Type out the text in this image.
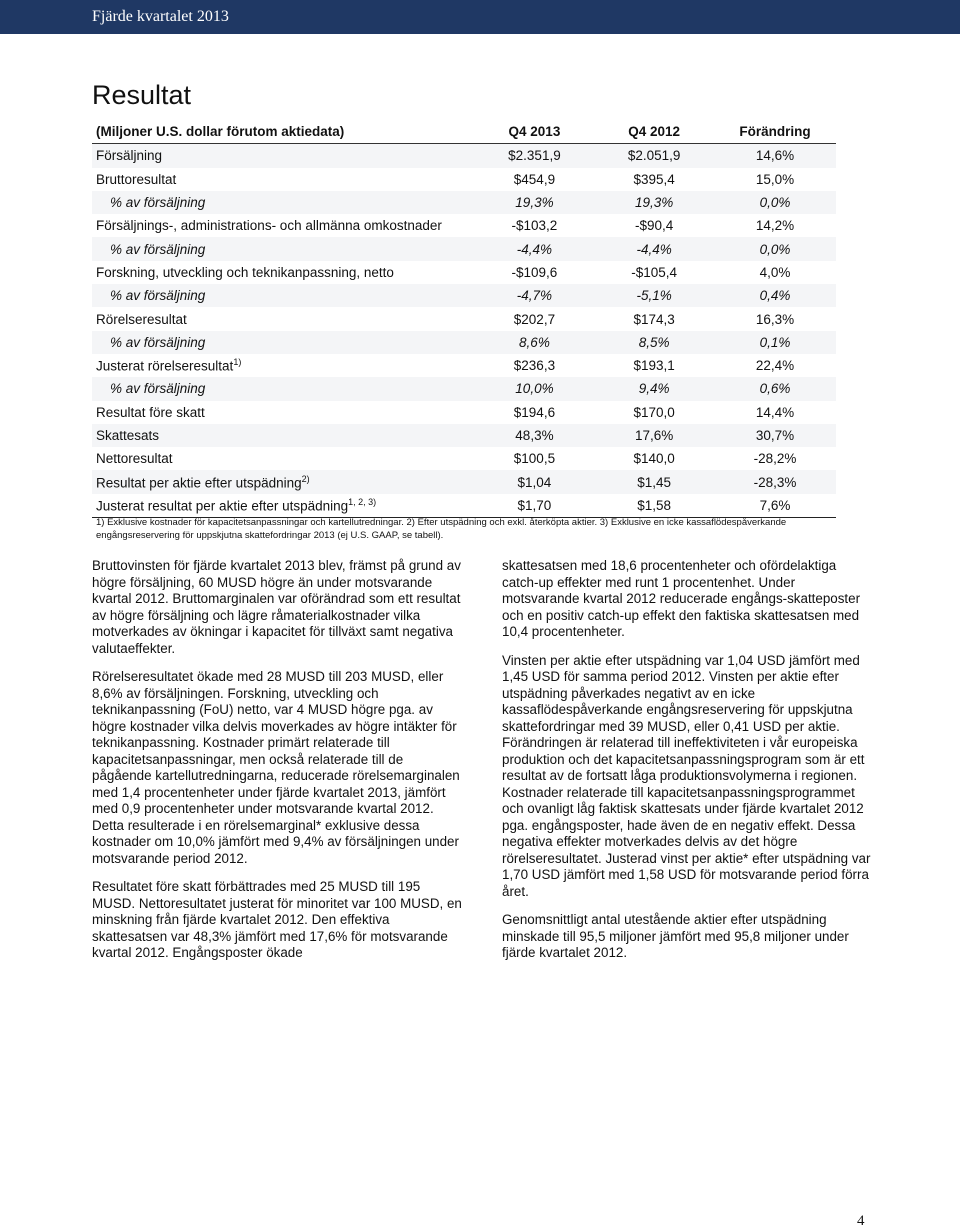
Fjärde kvartalet 2013
Resultat
(Miljoner U.S. dollar förutom aktiedata)	Q4 2013	Q4 2012	Förändring
Försäljning	$2.351,9	$2.051,9	14,6%
Bruttoresultat	$454,9	$395,4	15,0%
% av försäljning	19,3%	19,3%	0,0%
Försäljnings-, administrations- och allmänna omkostnader	-$103,2	-$90,4	14,2%
% av försäljning	-4,4%	-4,4%	0,0%
Forskning, utveckling och teknikanpassning, netto	-$109,6	-$105,4	4,0%
% av försäljning	-4,7%	-5,1%	0,4%
Rörelseresultat	$202,7	$174,3	16,3%
% av försäljning	8,6%	8,5%	0,1%
Justerat rörelseresultat$^{1)}$	$236,3	$193,1	22,4%
% av försäljning	10,0%	9,4%	0,6%
Resultat före skatt	$194,6	$170,0	14,4%
Skattesats	48,3%	17,6%	30,7%
Nettoresultat	$100,5	$140,0	-28,2%
Resultat per aktie efter utspädning$^{2)}$	$1,04	$1,45	-28,3%
Justerat resultat per aktie efter utspädning$^{1, 2, 3)}$	$1,70	$1,58	7,6%
1) Exklusive kostnader för kapacitetsanpassningar och kartellutredningar. 2) Efter utspädning och exkl. återköpta aktier. 3) Exklusive en icke kassaflödespåverkande engångsreservering för uppskjutna skattefordringar 2013 (ej U.S. GAAP, se tabell).

Bruttovinsten för fjärde kvartalet 2013 blev, främst på grund av högre försäljning, 60 MUSD högre än under motsvarande kvartal 2012. Bruttomarginalen var oförändrad som ett resultat av högre försäljning och lägre råmaterialkostnader vilka motverkades av ökningar i kapacitet för tillväxt samt negativa valutaeffekter.

Rörelseresultatet ökade med 28 MUSD till 203 MUSD, eller 8,6% av försäljningen. Forskning, utveckling och teknikanpassning (FoU) netto, var 4 MUSD högre pga. av högre kostnader vilka delvis moverkades av högre intäkter för teknikanpassning. Kostnader primärt relaterade till kapacitetsanpassningar, men också relaterade till de pågående kartellutredningarna, reducerade rörelsemarginalen med 1,4 procentenheter under fjärde kvartalet 2013, jämfört med 0,9 procentenheter under motsvarande kvartal 2012. Detta resulterade i en rörelsemarginal* exklusive dessa kostnader om 10,0% jämfört med 9,4% av försäljningen under motsvarande period 2012.

Resultatet före skatt förbättrades med 25 MUSD till 195 MUSD. Nettoresultatet justerat för minoritet var 100 MUSD, en minskning från fjärde kvartalet 2012. Den effektiva skattesatsen var 48,3% jämfört med 17,6% för motsvarande kvartal 2012. Engångsposter ökade

skattesatsen med 18,6 procentenheter och ofördelaktiga catch-up effekter med runt 1 procentenhet. Under motsvarande kvartal 2012 reducerade engångs-skatteposter och en positiv catch-up effekt den faktiska skattesatsen med 10,4 procentenheter.

Vinsten per aktie efter utspädning var 1,04 USD jämfört med 1,45 USD för samma period 2012. Vinsten per aktie efter utspädning påverkades negativt av en icke kassaflödespåverkande engångsreservering för uppskjutna skattefordringar med 39 MUSD, eller 0,41 USD per aktie. Förändringen är relaterad till ineffektiviteten i vår europeiska produktion och det kapacitetsanpassningsprogram som är ett resultat av de fortsatt låga produktionsvolymerna i regionen. Kostnader relaterade till kapacitetsanpassningsprogrammet och ovanligt låg faktisk skattesats under fjärde kvartalet 2012 pga. engångsposter, hade även de en negativ effekt. Dessa negativa effekter motverkades delvis av det högre rörelseresultatet. Justerad vinst per aktie* efter utspädning var 1,70 USD jämfört med 1,58 USD för motsvarande period förra året.

Genomsnittligt antal utestående aktier efter utspädning minskade till 95,5 miljoner jämfört med 95,8 miljoner under fjärde kvartalet 2012.

4
